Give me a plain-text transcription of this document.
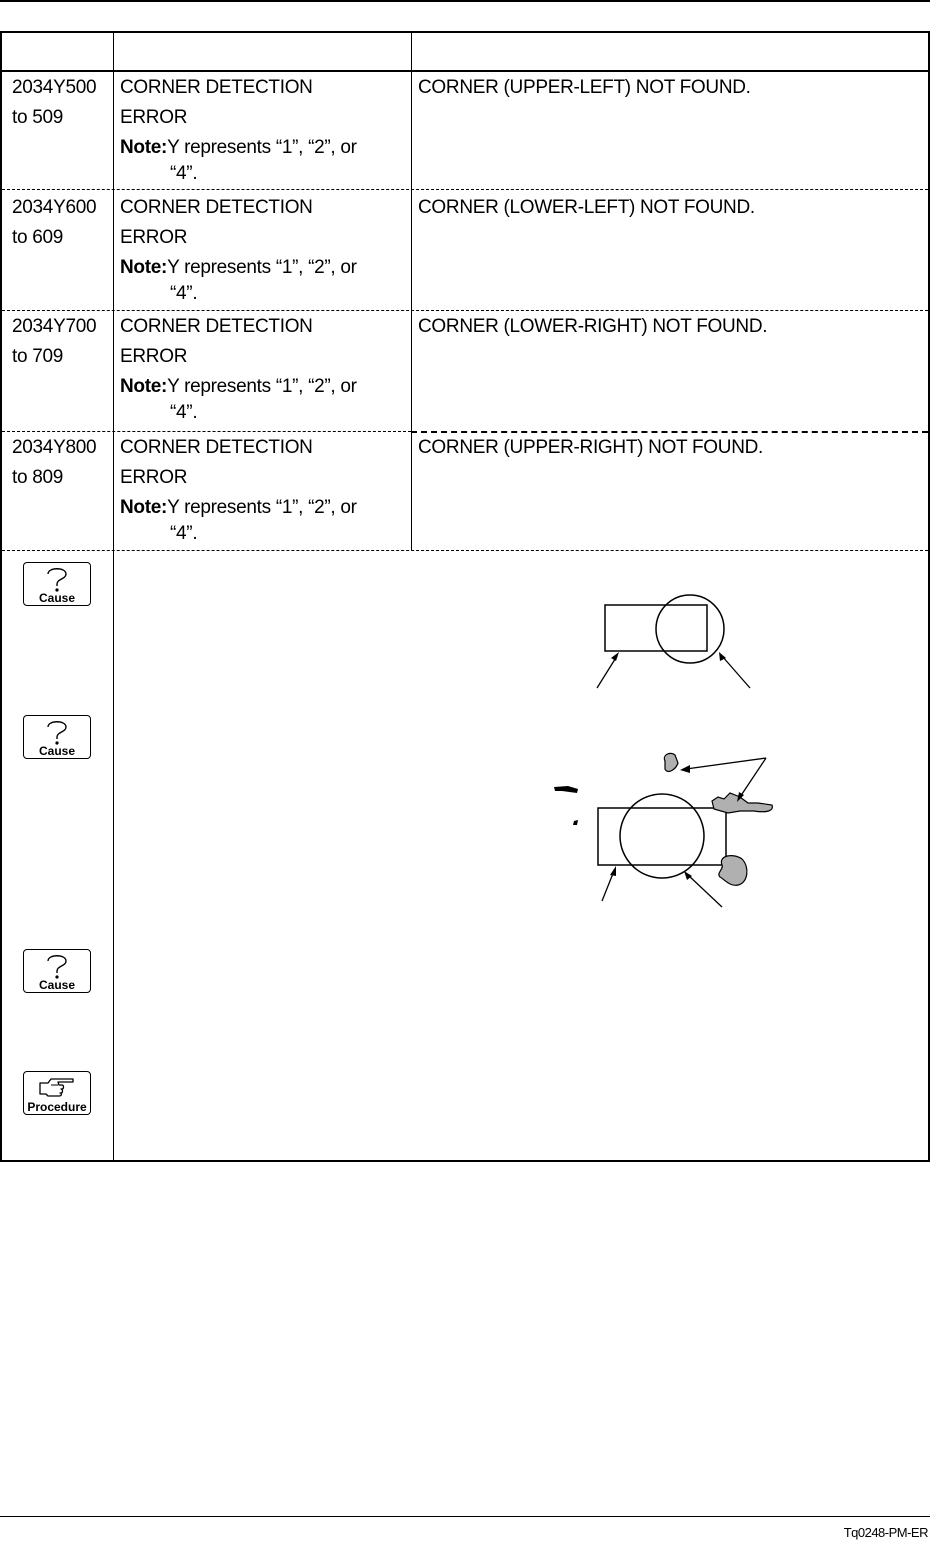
2034Y500
to 509
CORNER DETECTION
ERROR
Note:Y represents “1”, “2”, or
“4”.
CORNER (UPPER-LEFT) NOT FOUND.
2034Y600
to 609
CORNER DETECTION
ERROR
Note:Y represents “1”, “2”, or
“4”.
CORNER (LOWER-LEFT) NOT FOUND.
2034Y700
to 709
CORNER DETECTION
ERROR
Note:Y represents “1”, “2”, or
“4”.
CORNER (LOWER-RIGHT) NOT FOUND.
2034Y800
to 809
CORNER DETECTION
ERROR
Note:Y represents “1”, “2”, or
“4”.
CORNER (UPPER-RIGHT) NOT FOUND.
Cause
Cause
Cause
Procedure
Tq0248-PM-ER
